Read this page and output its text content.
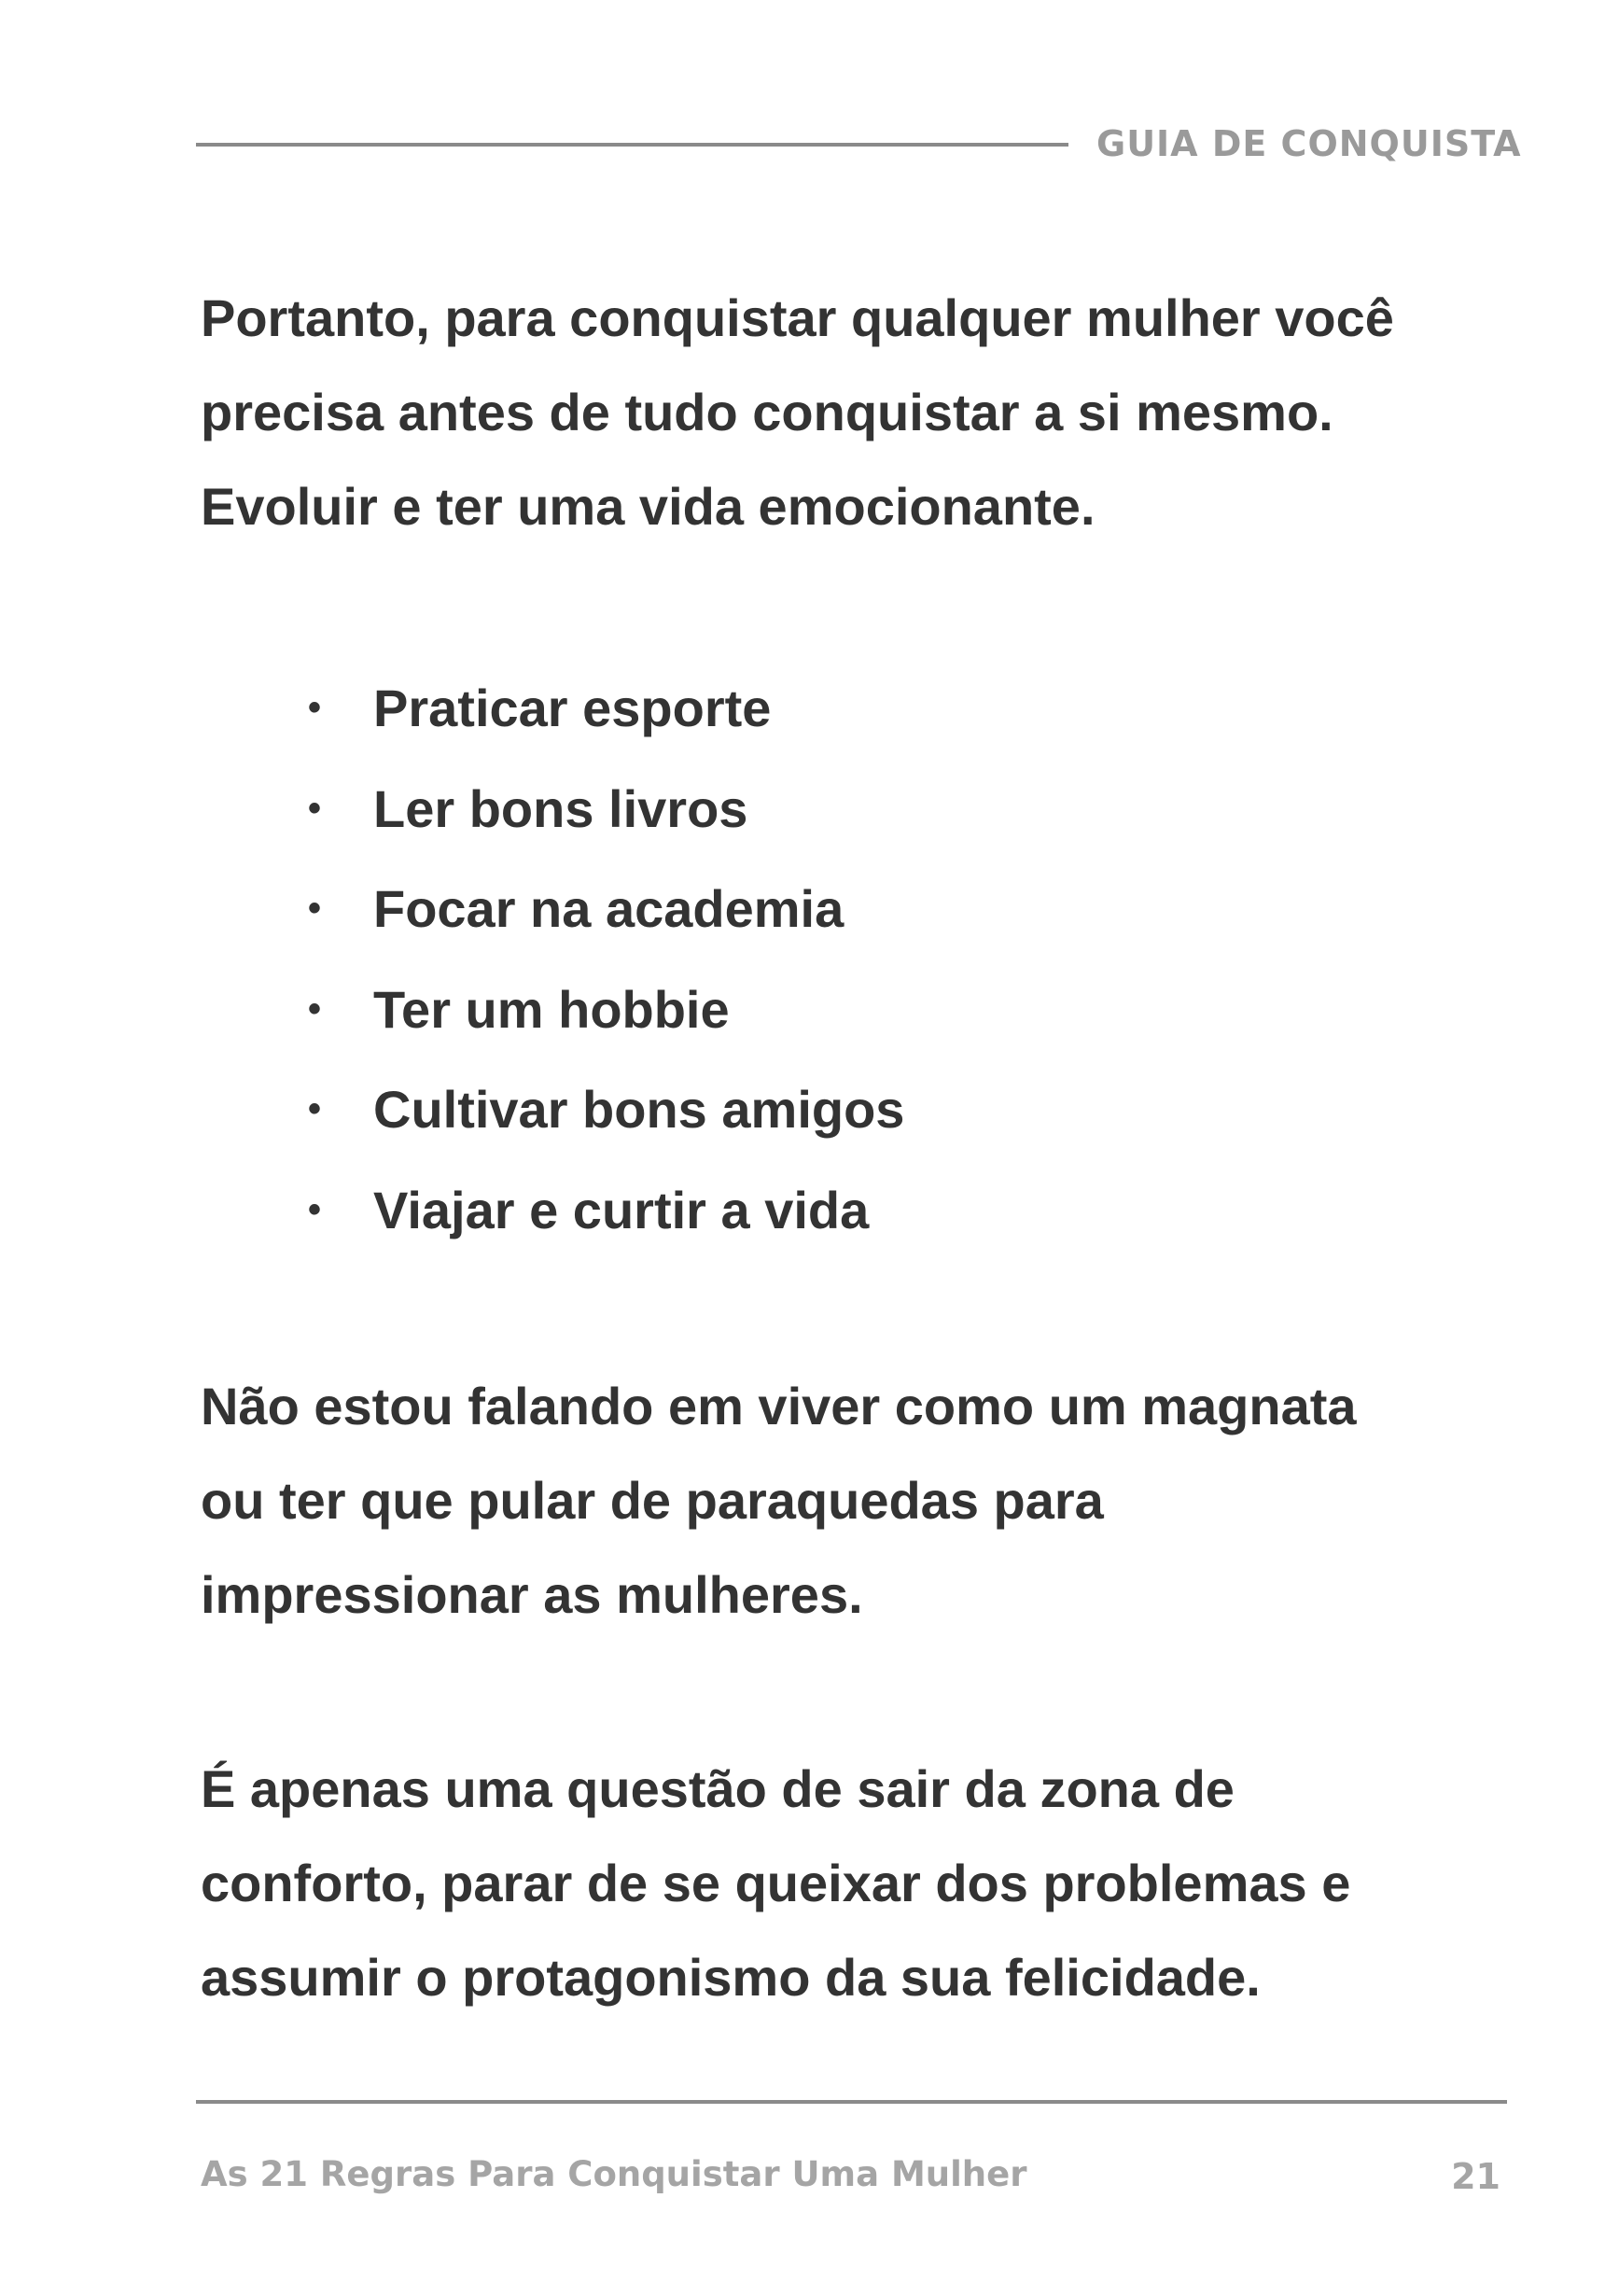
GUIA DE CONQUISTA
Portanto, para conquistar qualquer mulher você
precisa antes de tudo conquistar a si mesmo.
Evoluir e ter uma vida emocionante.
• Praticar esporte
• Ler bons livros
• Focar na academia
• Ter um hobbie
• Cultivar bons amigos
• Viajar e curtir a vida
Não estou falando em viver como um magnata
ou ter que pular de paraquedas para
impressionar as mulheres.
É apenas uma questão de sair da zona de
conforto, parar de se queixar dos problemas e
assumir o protagonismo da sua felicidade.
As 21 Regras Para Conquistar Uma Mulher	21
